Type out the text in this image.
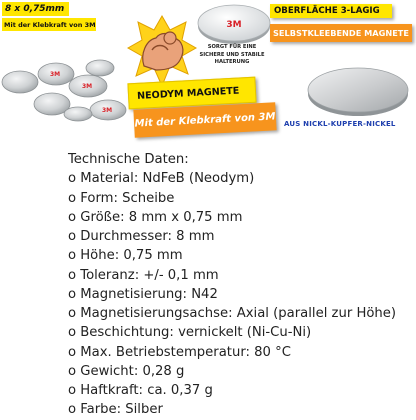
8 x 0,75mm
Mit der Klebkraft von 3M
3M
3M
3M
3M
SORGT FÜR EINE SICHERE UND STABILE HALTERUNG
OBERFLÄCHE 3-LAGIG
SELBSTKLEEBENDE MAGNETE
NEODYM MAGNETE
Mit der Klebkraft von 3M AUS NICKL-KUPFER-NICKEL
Technische Daten:
o Material: NdFeB (Neodym)
o Form: Scheibe
o Größe: 8 mm x 0,75 mm
o Durchmesser: 8 mm
o Höhe: 0,75 mm
o Toleranz: +/- 0,1 mm
o Magnetisierung: N42
o Magnetisierungsachse: Axial (parallel zur Höhe)
o Beschichtung: vernickelt (Ni-Cu-Ni)
o Max. Betriebstemperatur: 80 °C
o Gewicht: 0,28 g
o Haftkraft: ca. 0,37 g
o Farbe: Silber
